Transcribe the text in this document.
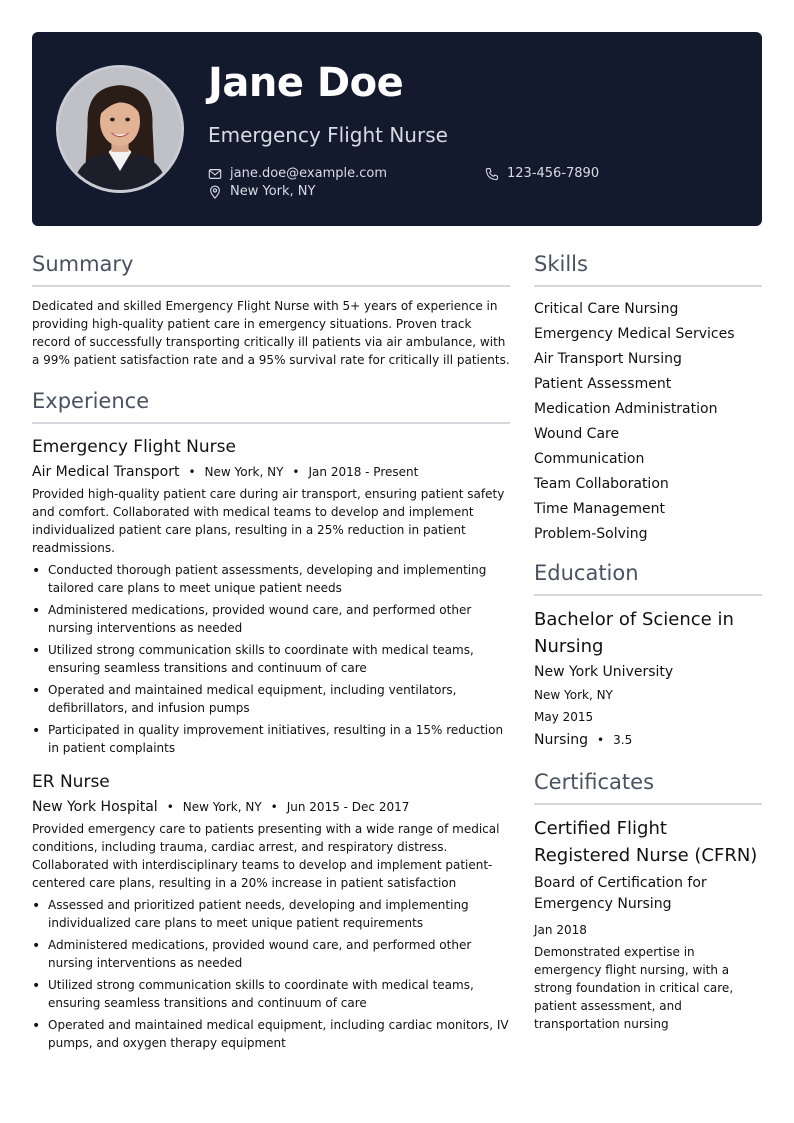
Jane Doe
Emergency Flight Nurse
jane.doe@example.com	123-456-7890
New York, NY
Summary

Dedicated and skilled Emergency Flight Nurse with 5+ years of experience in providing high-quality patient care in emergency situations. Proven track record of successfully transporting critically ill patients via air ambulance, with a 99% patient satisfaction rate and a 95% survival rate for critically ill patients.

Experience
Emergency Flight Nurse
Air Medical Transport • New York, NY • Jan 2018 - Present

Provided high-quality patient care during air transport, ensuring patient safety and comfort. Collaborated with medical teams to develop and implement individualized patient care plans, resulting in a 25% reduction in patient readmissions.

• Conducted thorough patient assessments, developing and implementing tailored care plans to meet unique patient needs
• Administered medications, provided wound care, and performed other nursing interventions as needed
• Utilized strong communication skills to coordinate with medical teams, ensuring seamless transitions and continuum of care
• Operated and maintained medical equipment, including ventilators, defibrillators, and infusion pumps
• Participated in quality improvement initiatives, resulting in a 15% reduction in patient complaints
ER Nurse
New York Hospital • New York, NY • Jun 2015 - Dec 2017

Provided emergency care to patients presenting with a wide range of medical conditions, including trauma, cardiac arrest, and respiratory distress. Collaborated with interdisciplinary teams to develop and implement patient-centered care plans, resulting in a 20% increase in patient satisfaction

• Assessed and prioritized patient needs, developing and implementing individualized care plans to meet unique patient requirements
• Administered medications, provided wound care, and performed other nursing interventions as needed
• Utilized strong communication skills to coordinate with medical teams, ensuring seamless transitions and continuum of care
• Operated and maintained medical equipment, including cardiac monitors, IV pumps, and oxygen therapy equipment
Skills
Critical Care Nursing
Emergency Medical Services
Air Transport Nursing
Patient Assessment
Medication Administration
Wound Care
Communication
Team Collaboration
Time Management
Problem-Solving
Education
Bachelor of Science in Nursing
New York University
New York, NY
May 2015
Nursing • 3.5
Certificates
Certified Flight Registered Nurse (CFRN)
Board of Certification for Emergency Nursing
Jan 2018

Demonstrated expertise in emergency flight nursing, with a strong foundation in critical care, patient assessment, and transportation nursing
